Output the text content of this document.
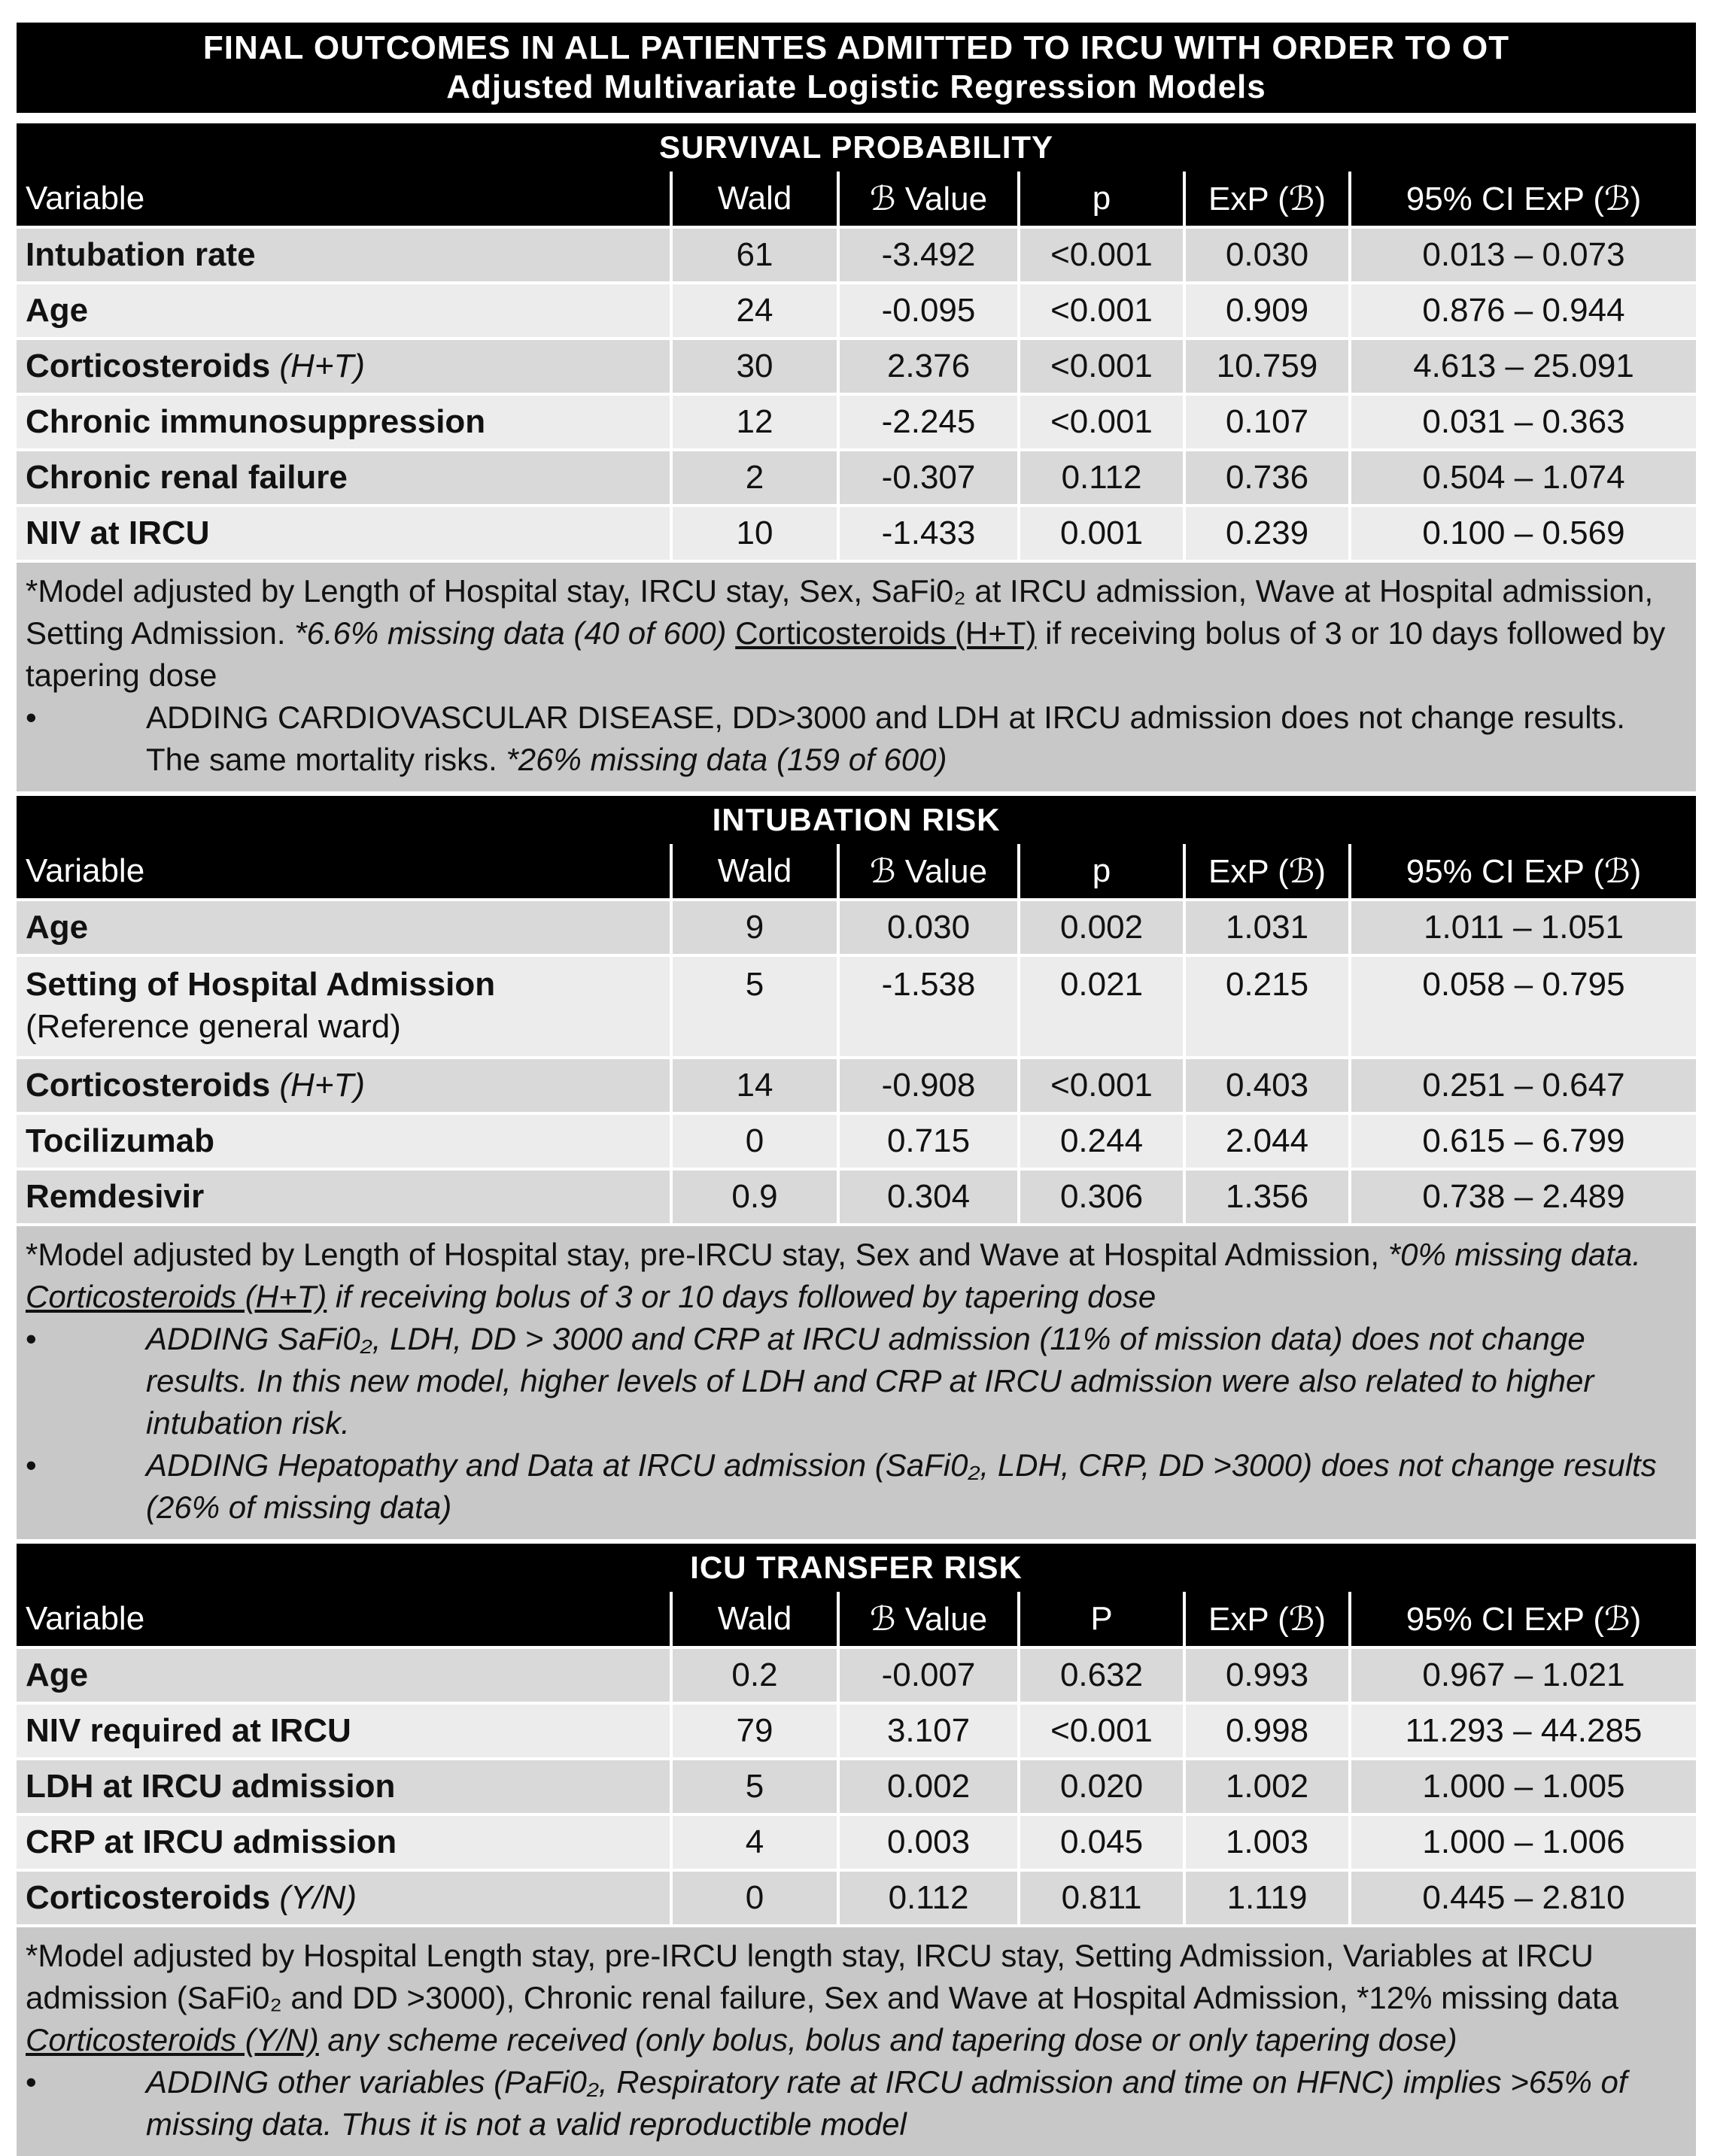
FINAL OUTCOMES IN ALL PATIENTES ADMITTED TO IRCU WITH ORDER TO OT
Adjusted Multivariate Logistic Regression Models
SURVIVAL PROBABILITY
Variable	Wald	ℬ Value	p	ExP (ℬ)	95% CI ExP (ℬ)
Intubation rate	61	-3.492	<0.001	0.030	0.013 – 0.073
Age	24	-0.095	<0.001	0.909	0.876 – 0.944
Corticosteroids (H+T)	30	2.376	<0.001	10.759	4.613 – 25.091
Chronic immunosuppression	12	-2.245	<0.001	0.107	0.031 – 0.363
Chronic renal failure	2	-0.307	0.112	0.736	0.504 – 1.074
NIV at IRCU	10	-1.433	0.001	0.239	0.100 – 0.569

*Model adjusted by Length of Hospital stay, IRCU stay, Sex, SaFi0₂ at IRCU admission, Wave at Hospital admission, Setting Admission. *6.6% missing data (40 of 600) Corticosteroids (H+T) if receiving bolus of 3 or 10 days followed by tapering dose

•	ADDING CARDIOVASCULAR DISEASE, DD>3000 and LDH at IRCU admission does not change results. The same mortality risks. *26% missing data (159 of 600)
INTUBATION RISK
Variable	Wald	ℬ Value	p	ExP (ℬ)	95% CI ExP (ℬ)
Age	9	0.030	0.002	1.031	1.011 – 1.051
Setting of Hospital Admission
(Reference general ward)	5	-1.538	0.021	0.215	0.058 – 0.795
Corticosteroids (H+T)	14	-0.908	<0.001	0.403	0.251 – 0.647
Tocilizumab	0	0.715	0.244	2.044	0.615 – 6.799
Remdesivir	0.9	0.304	0.306	1.356	0.738 – 2.489

*Model adjusted by Length of Hospital stay, pre-IRCU stay, Sex and Wave at Hospital Admission, *0% missing data. Corticosteroids (H+T) if receiving bolus of 3 or 10 days followed by tapering dose

•	ADDING SaFi0₂, LDH, DD > 3000 and CRP at IRCU admission (11% of mission data) does not change results. In this new model, higher levels of LDH and CRP at IRCU admission were also related to higher intubation risk.
•	ADDING Hepatopathy and Data at IRCU admission (SaFi0₂, LDH, CRP, DD >3000) does not change results (26% of missing data)
ICU TRANSFER RISK
Variable	Wald	ℬ Value	P	ExP (ℬ)	95% CI ExP (ℬ)
Age	0.2	-0.007	0.632	0.993	0.967 – 1.021
NIV required at IRCU	79	3.107	<0.001	0.998	11.293 – 44.285
LDH at IRCU admission	5	0.002	0.020	1.002	1.000 – 1.005
CRP at IRCU admission	4	0.003	0.045	1.003	1.000 – 1.006
Corticosteroids (Y/N)	0	0.112	0.811	1.119	0.445 – 2.810

*Model adjusted by Hospital Length stay, pre-IRCU length stay, IRCU stay, Setting Admission, Variables at IRCU admission (SaFi0₂ and DD >3000), Chronic renal failure, Sex and Wave at Hospital Admission, *12% missing data Corticosteroids (Y/N) any scheme received (only bolus, bolus and tapering dose or only tapering dose)

•	ADDING other variables (PaFi0₂, Respiratory rate at IRCU admission and time on HFNC) implies >65% of missing data. Thus it is not a valid reproductible model
